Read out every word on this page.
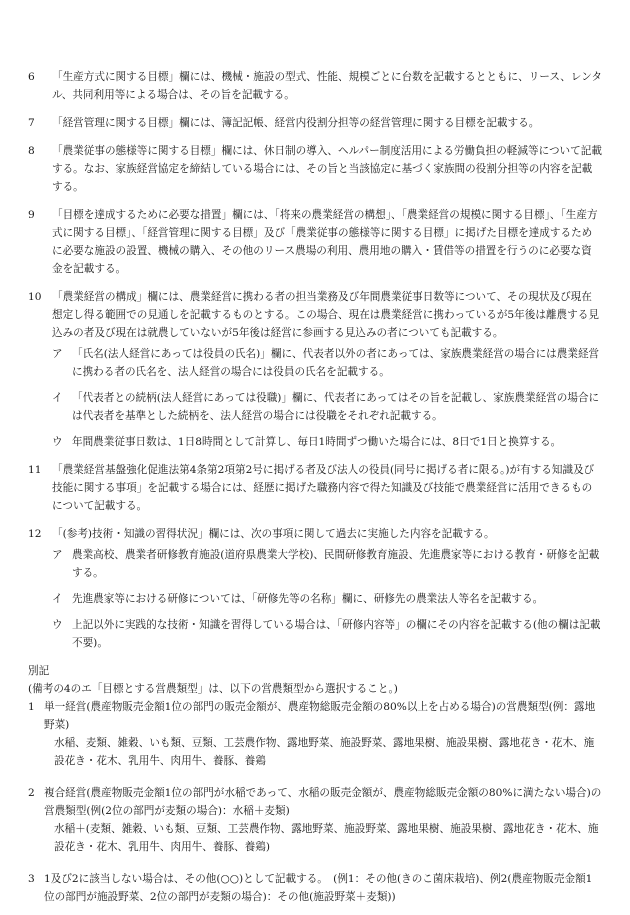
6 「生産方式に関する目標」欄には、機械・施設の型式、性能、規模ごとに台数を記載するとともに、リース、レンタル、共同利用等による場合は、その旨を記載する。
7 「経営管理に関する目標」欄には、簿記記帳、経営内役割分担等の経営管理に関する目標を記載する。
8 「農業従事の態様等に関する目標」欄には、休日制の導入、ヘルパー制度活用による労働負担の軽減等について記載する。なお、家族経営協定を締結している場合には、その旨と当該協定に基づく家族間の役割分担等の内容を記載する。
9 「目標を達成するために必要な措置」欄には、「将来の農業経営の構想」、「農業経営の規模に関する目標」、「生産方式に関する目標」、「経営管理に関する目標」及び「農業従事の態様等に関する目標」に掲げた目標を達成するために必要な施設の設置、機械の購入、その他のリース農場の利用、農用地の購入・賃借等の措置を行うのに必要な資金を記載する。
10 「農業経営の構成」欄には、農業経営に携わる者の担当業務及び年間農業従事日数等について、その現状及び現在想定し得る範囲での見通しを記載するものとする。この場合、現在は農業経営に携わっているが5年後は離農する見込みの者及び現在は就農していないが5年後は経営に参画する見込みの者についても記載する。
ア 「氏名(法人経営にあっては役員の氏名)」欄に、代表者以外の者にあっては、家族農業経営の場合には農業経営に携わる者の氏名を、法人経営の場合には役員の氏名を記載する。
イ 「代表者との続柄(法人経営にあっては役職)」欄に、代表者にあってはその旨を記載し、家族農業経営の場合には代表者を基準とした続柄を、法人経営の場合には役職をそれぞれ記載する。
ウ 年間農業従事日数は、1日8時間として計算し、毎日1時間ずつ働いた場合には、8日で1日と換算する。
11 「農業経営基盤強化促進法第4条第2項第2号に掲げる者及び法人の役員(同号に掲げる者に限る。)が有する知識及び技能に関する事項」を記載する場合には、経歴に掲げた職務内容で得た知識及び技能で農業経営に活用できるものについて記載する。
12 「(参考)技術・知識の習得状況」欄には、次の事項に関して過去に実施した内容を記載する。
ア 農業高校、農業者研修教育施設(道府県農業大学校)、民間研修教育施設、先進農家等における教育・研修を記載する。
イ 先進農家等における研修については、「研修先等の名称」欄に、研修先の農業法人等名を記載する。
ウ 上記以外に実践的な技術・知識を習得している場合は、「研修内容等」の欄にその内容を記載する(他の欄は記載不要)。

別記

(備考の4のエ「目標とする営農類型」は、以下の営農類型から選択すること。)

1 単一経営(農産物販売金額1位の部門の販売金額が、農産物総販売金額の80%以上を占める場合)の営農類型(例：露地野菜)
水稲、麦類、雑穀、いも類、豆類、工芸農作物、露地野菜、施設野菜、露地果樹、施設果樹、露地花き・花木、施設花き・花木、乳用牛、肉用牛、養豚、養鶏
2 複合経営(農産物販売金額1位の部門が水稲であって、水稲の販売金額が、農産物総販売金額の80%に満たない場合)の営農類型(例(2位の部門が麦類の場合)：水稲＋麦類)
水稲＋(麦類、雑穀、いも類、豆類、工芸農作物、露地野菜、施設野菜、露地果樹、施設果樹、露地花き・花木、施設花き・花木、乳用牛、肉用牛、養豚、養鶏)
3 1及び2に該当しない場合は、その他(○○)として記載する。　(例1：その他(きのこ菌床栽培)、例2(農産物販売金額1位の部門が施設野菜、2位の部門が麦類の場合)：その他(施設野菜＋麦類))
